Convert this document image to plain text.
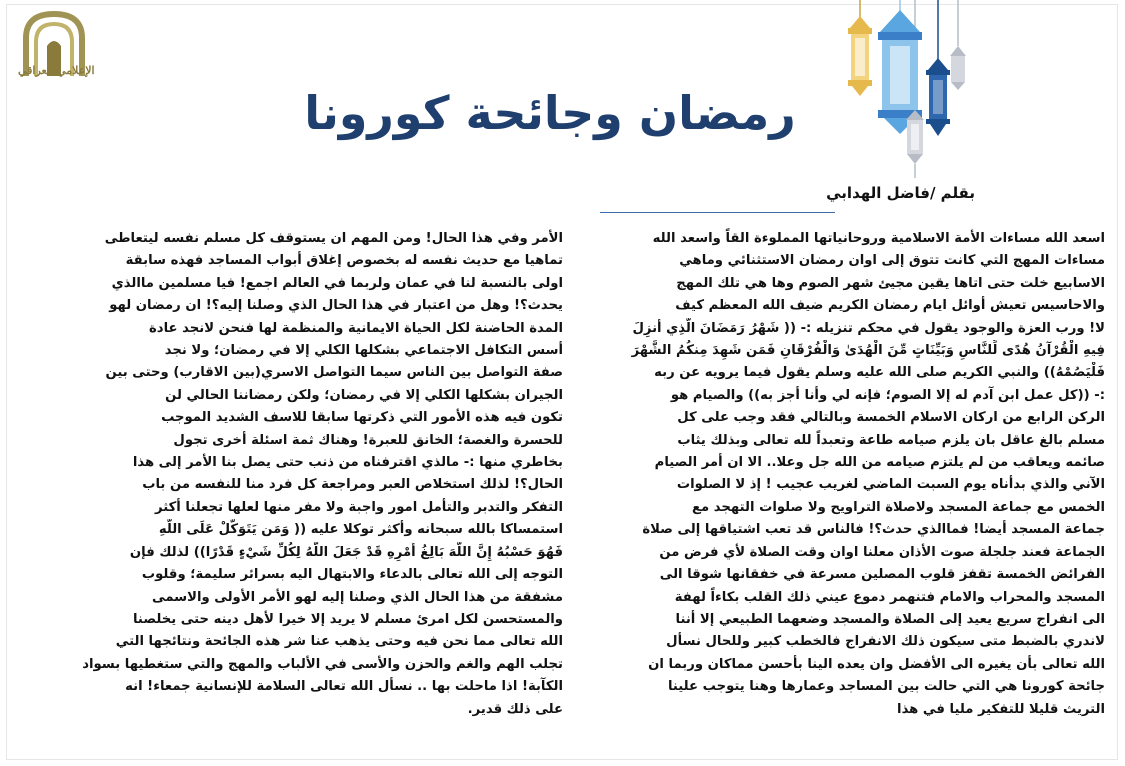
الإعلامي العراقي
رمضان وجائحة كورونا
بقلم /فاضل الهدابي
اسعد الله مساءات الأمة الاسلامية وروحانياتها المملوءة القاً واسعد الله
مساءات المهج التي كانت تتوق إلى اوان رمضان الاستثنائي وماهي
الاسابيع خلت حتى اتاها يقين مجيئ شهر الصوم وها هي تلك المهج
والاحاسيس تعيش أوائل ايام رمضان الكريم ضيف الله المعظم كيف
لا! ورب العزة والوجود يقول في محكم تنزيله :- (( شَهْرُ رَمَضَانَ الَّذِي أُنزِلَ
فِيهِ الْقُرْآنُ هُدًى لِّلنَّاسِ وَبَيِّنَاتٍ مِّنَ الْهُدَىٰ وَالْفُرْقَانِ فَمَن شَهِدَ مِنكُمُ الشَّهْرَ
فَلْيَصُمْهُ)) والنبي الكريم صلى الله عليه وسلم يقول فيما يرويه عن ربه
:- ((كل عمل ابن آدم له إلا الصوم؛ فإنه لي وأنا أجز به)) والصيام هو
الركن الرابع من اركان الاسلام الخمسة وبالتالي فقد وجب على كل
مسلم بالغ عاقل بان يلزم صيامه طاعة وتعبداً لله تعالى وبذلك يثاب
صائمه ويعاقب من لم يلتزم صيامه من الله جل وعلا.. الا ان أمر الصيام
الآني والذي بدأناه يوم السبت الماضي لغريب عجيب ! إذ لا الصلوات
الخمس مع جماعة المسجد ولاصلاة التراويح ولا صلوات التهجد مع
جماعة المسجد أيضا! فماالذي حدث؟! فالناس قد تعب اشتياقها إلى صلاة
الجماعة فعند جلجلة صوت الأذان معلنا اوان وقت الصلاة لأي فرض من
الفرائض الخمسة تقفز قلوب المصلين مسرعة في خفقانها شوقا الى
المسجد والمحراب والامام فتنهمر دموع عيني ذلك القلب بكاءاً لهفة
الى انفراج سريع يعيد إلى الصلاة والمسجد وضعهما الطبيعي إلا أننا
لاندري بالضبط متى سيكون ذلك الانفراج فالخطب كبير وللحال نسأل
الله تعالى بأن يغيره الى الأفضل وان يعده الينا بأحسن مماكان وربما ان
جائحة كورونا هي التي حالت بين المساجد وعمارها وهنا يتوجب علينا
التريث قليلا للتفكير مليا في هذا
الأمر وفي هذا الحال! ومن المهم ان يستوقف كل مسلم نفسه ليتعاطى
تماهيا مع حديث نفسه له بخصوص إغلاق أبواب المساجد فهذه سابقة
اولى بالنسبة لنا في عمان ولربما في العالم اجمع! فيا مسلمين ماالذي
يحدث؟! وهل من اعتبار في هذا الحال الذي وصلنا إليه؟! ان رمضان لهو
المدة الحاضنة لكل الحياة الايمانية والمنظمة لها فنحن لانجد عادة
أسس التكافل الاجتماعي بشكلها الكلي إلا في رمضان؛ ولا نجد
صفة التواصل بين الناس سيما التواصل الاسري(بين الاقارب) وحتى بين
الجيران بشكلها الكلي إلا في رمضان؛ ولكن رمضاننا الحالي لن
تكون فيه هذه الأمور التي ذكرتها سابقا للاسف الشديد الموجب
للحسرة والغصة؛ الخانق للعبرة! وهناك ثمة اسئلة أخرى تجول
بخاطري منها :- مالذي اقترفناه من ذنب حتى يصل بنا الأمر إلى هذا
الحال؟! لذلك استخلاص العبر ومراجعة كل فرد منا للنفسه من باب
التفكر والتدبر والتأمل امور واجبة ولا مفر منها لعلها تجعلنا أكثر
استمساكا بالله سبحانه وأكثر توكلا عليه (( وَمَن يَتَوَكَّلْ عَلَى اللَّهِ
فَهُوَ حَسْبُهُ إِنَّ اللَّهَ بَالِغُ أَمْرِهِ قَدْ جَعَلَ اللَّهُ لِكُلِّ شَيْءٍ قَدْرًا)) لذلك فإن
التوجه إلى الله تعالى بالدعاء والابتهال اليه بسرائر سليمة؛ وقلوب
مشفقة من هذا الحال الذي وصلنا إليه لهو الأمر الأولى والاسمى
والمستحسن لكل امرئ مسلم لا يريد إلا خيرا لأهل دينه حتى يخلصنا
الله تعالى مما نحن فيه وحتى يذهب عنا شر هذه الجائحة ونتائجها التي
تجلب الهم والغم والحزن والأسى في الألباب والمهج والتي ستغطيها بسواد
الكآبة! اذا ماحلت بها .. نسأل الله تعالى السلامة للإنسانية جمعاء! انه
على ذلك قدير.
